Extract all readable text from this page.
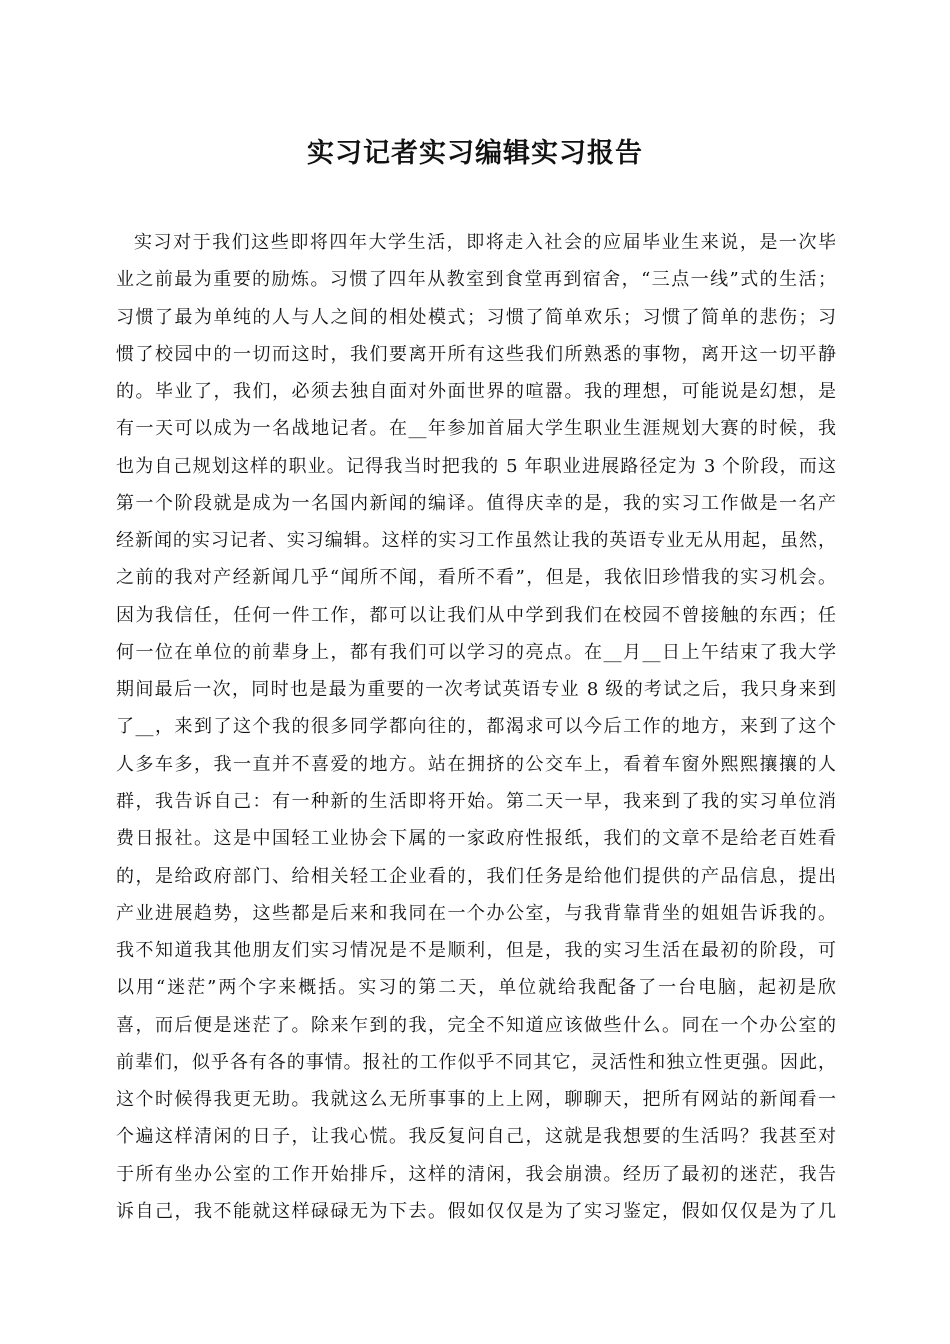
实习记者实习编辑实习报告
实习对于我们这些即将四年大学生活，即将走入社会的应届毕业生来说，是一次毕
业之前最为重要的励炼。习惯了四年从教室到食堂再到宿舍，“三点一线”式的生活；
习惯了最为单纯的人与人之间的相处模式；习惯了简单欢乐；习惯了简单的悲伤；习
惯了校园中的一切而这时，我们要离开所有这些我们所熟悉的事物，离开这一切平静
的。毕业了，我们，必须去独自面对外面世界的喧嚣。我的理想，可能说是幻想，是
有一天可以成为一名战地记者。在__年参加首届大学生职业生涯规划大赛的时候，我
也为自己规划这样的职业。记得我当时把我的 5 年职业进展路径定为 3 个阶段，而这
第一个阶段就是成为一名国内新闻的编译。值得庆幸的是，我的实习工作做是一名产
经新闻的实习记者、实习编辑。这样的实习工作虽然让我的英语专业无从用起，虽然，
之前的我对产经新闻几乎“闻所不闻，看所不看”，但是，我依旧珍惜我的实习机会。
因为我信任，任何一件工作，都可以让我们从中学到我们在校园不曾接触的东西；任
何一位在单位的前辈身上，都有我们可以学习的亮点。在__月__日上午结束了我大学
期间最后一次，同时也是最为重要的一次考试英语专业 8 级的考试之后，我只身来到
了__，来到了这个我的很多同学都向往的，都渴求可以今后工作的地方，来到了这个
人多车多，我一直并不喜爱的地方。站在拥挤的公交车上，看着车窗外熙熙攘攘的人
群，我告诉自己：有一种新的生活即将开始。第二天一早，我来到了我的实习单位消
费日报社。这是中国轻工业协会下属的一家政府性报纸，我们的文章不是给老百姓看
的，是给政府部门、给相关轻工企业看的，我们任务是给他们提供的产品信息，提出
产业进展趋势，这些都是后来和我同在一个办公室，与我背靠背坐的姐姐告诉我的。
我不知道我其他朋友们实习情况是不是顺利，但是，我的实习生活在最初的阶段，可
以用“迷茫”两个字来概括。实习的第二天，单位就给我配备了一台电脑，起初是欣
喜，而后便是迷茫了。除来乍到的我，完全不知道应该做些什么。同在一个办公室的
前辈们，似乎各有各的事情。报社的工作似乎不同其它，灵活性和独立性更强。因此，
这个时候得我更无助。我就这么无所事事的上上网，聊聊天，把所有网站的新闻看一
个遍这样清闲的日子，让我心慌。我反复问自己，这就是我想要的生活吗？我甚至对
于所有坐办公室的工作开始排斥，这样的清闲，我会崩溃。经历了最初的迷茫，我告
诉自己，我不能就这样碌碌无为下去。假如仅仅是为了实习鉴定，假如仅仅是为了几
